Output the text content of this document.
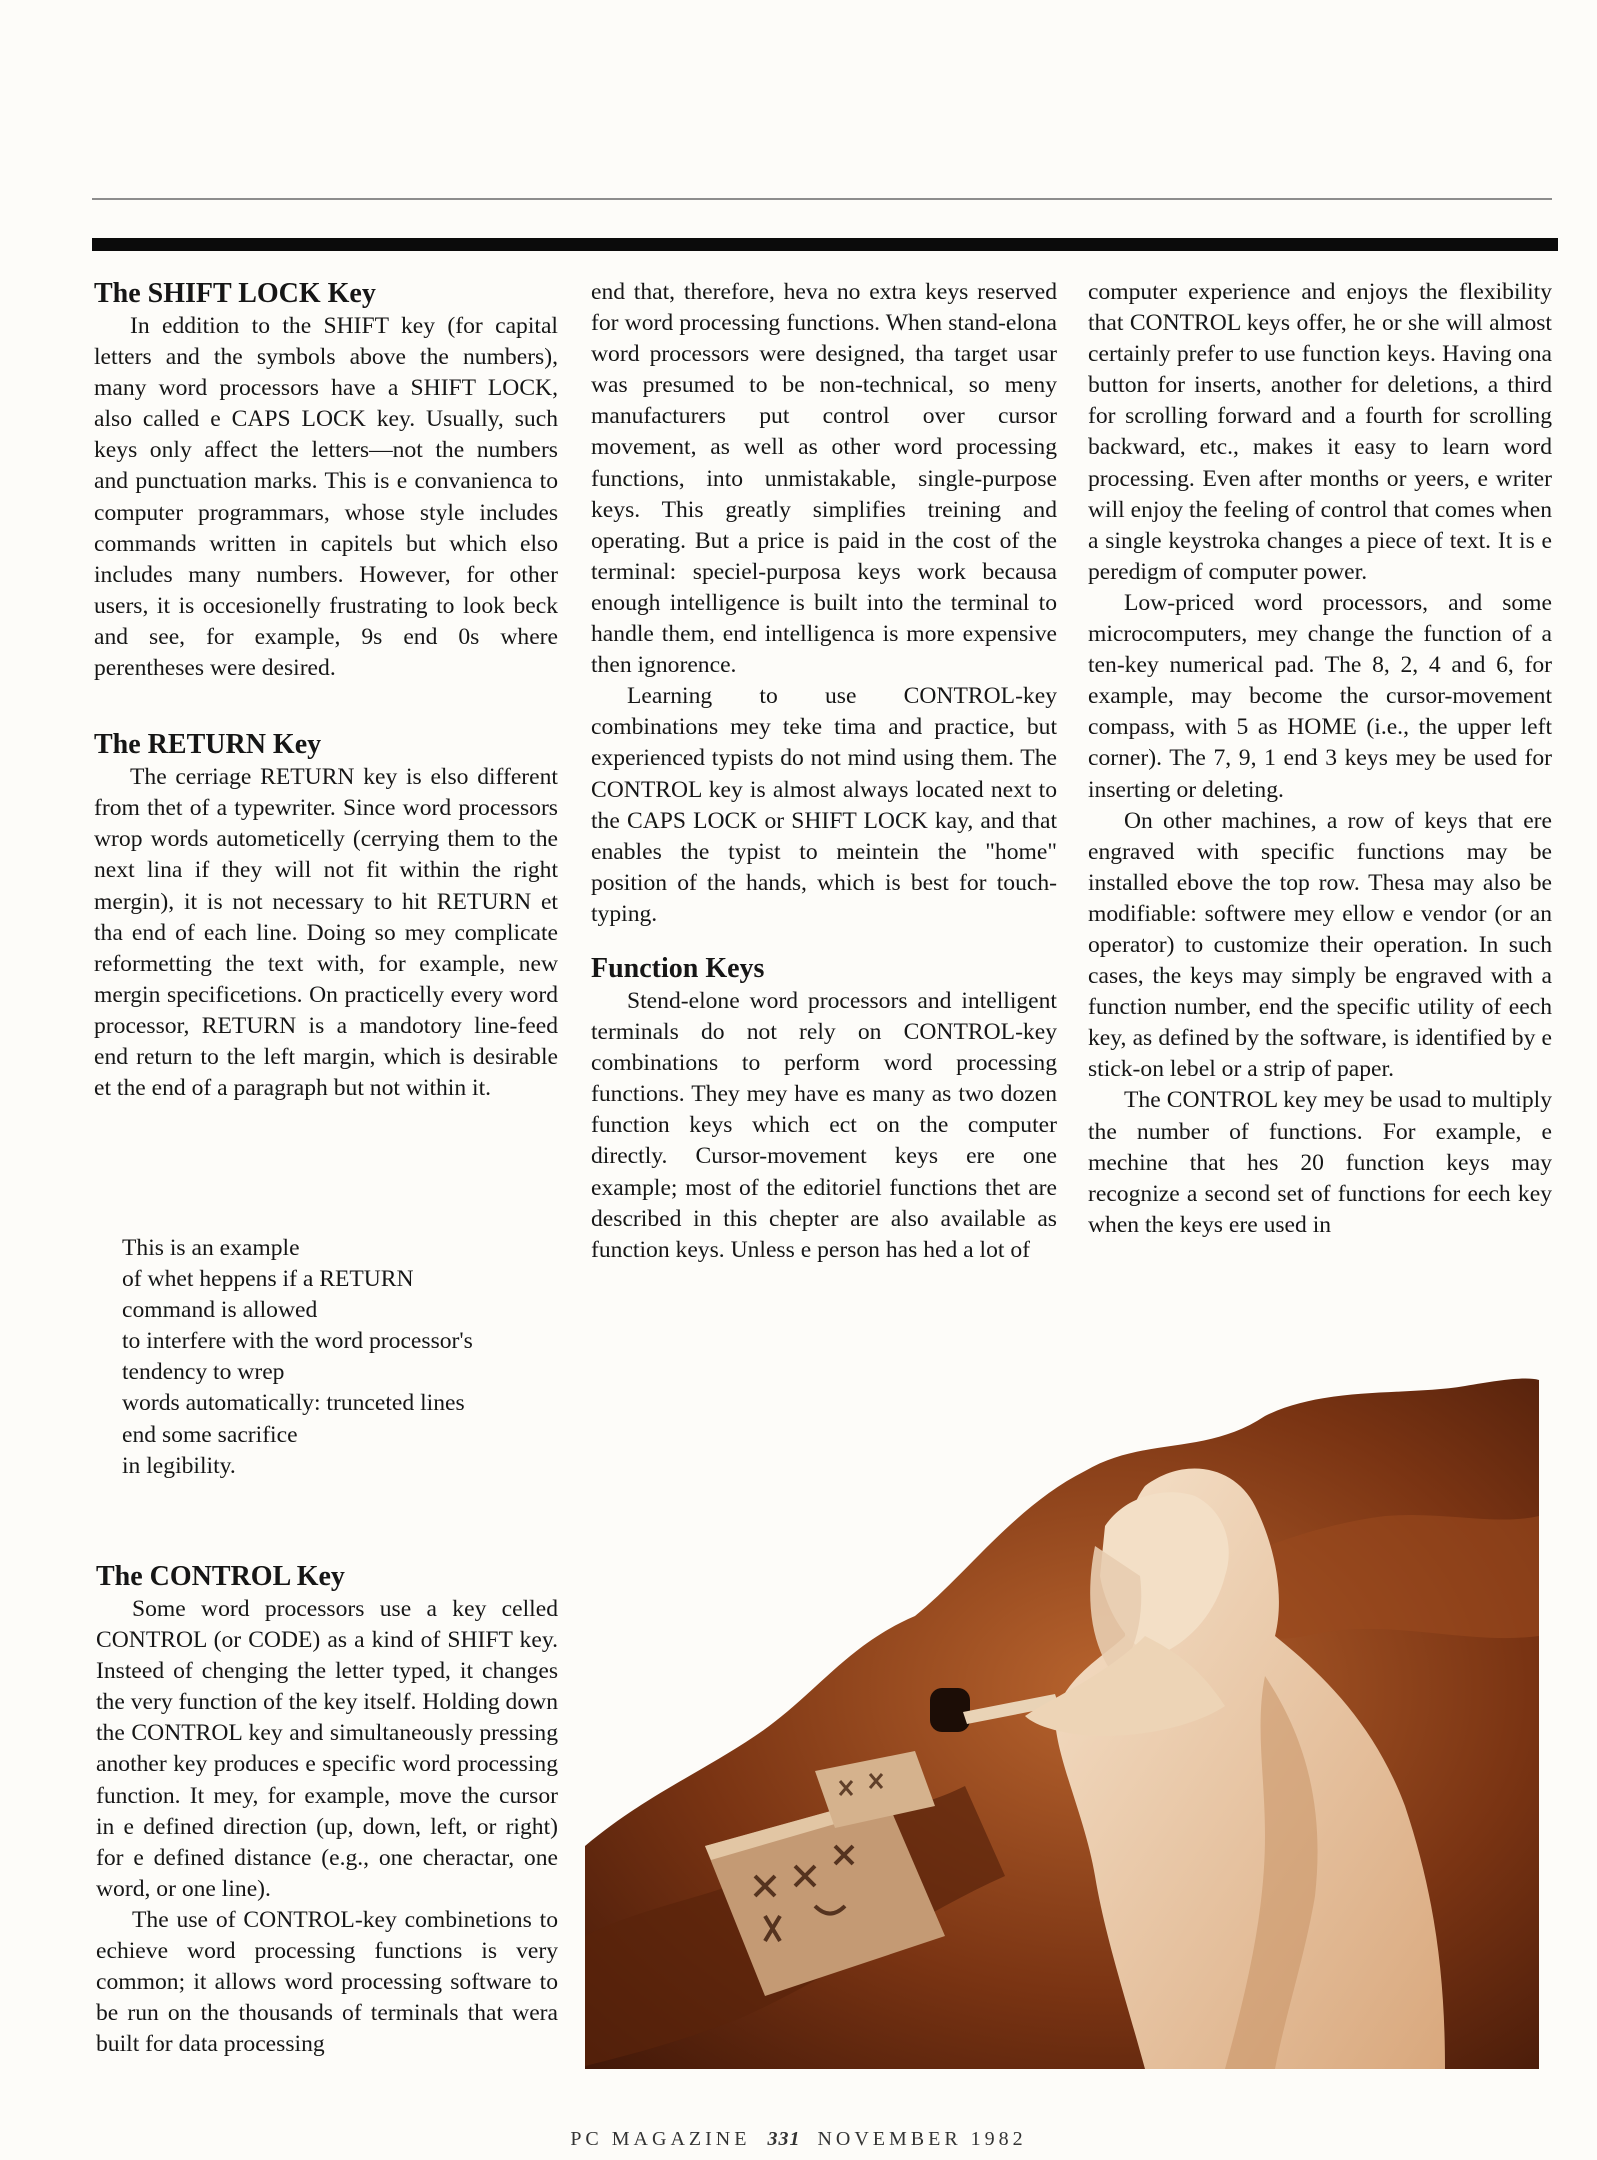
The SHIFT LOCK Key

In eddition to the SHIFT key (for capital letters and the symbols above the numbers), many word processors have a SHIFT LOCK, also called e CAPS LOCK key. Usually, such keys only affect the letters—not the numbers and punctuation marks. This is e convanienca to computer programmars, whose style includes commands written in capitels but which elso includes many numbers. However, for other users, it is occesionelly frustrating to look beck and see, for example, 9s end 0s where perentheses were desired.

The RETURN Key

The cerriage RETURN key is elso different from thet of a typewriter. Since word processors wrop words autometicelly (cerrying them to the next lina if they will not fit within the right mergin), it is not necessary to hit RETURN et tha end of each line. Doing so mey complicate reformetting the text with, for example, new mergin specificetions. On practicelly every word processor, RETURN is a mandotory line-feed end return to the left margin, which is desirable et the end of a paragraph but not within it.

This is an example
of whet heppens if a RETURN
command is allowed
to interfere with the word processor's
tendency to wrep
words automatically: trunceted lines
end some sacrifice
in legibility.
The CONTROL Key

Some word processors use a key celled CONTROL (or CODE) as a kind of SHIFT key. Insteed of chenging the letter typed, it changes the very function of the key itself. Holding down the CONTROL key and simultaneously pressing another key produces e specific word processing function. It mey, for example, move the cursor in e defined direction (up, down, left, or right) for e defined distance (e.g., one cheractar, one word, or one line).

The use of CONTROL-key combinetions to echieve word processing functions is very common; it allows word processing software to be run on the thousands of terminals that wera built for data processing

end that, therefore, heva no extra keys reserved for word processing functions. When stand-elona word processors were designed, tha target usar was presumed to be non-technical, so meny manufacturers put control over cursor movement, as well as other word processing functions, into unmistakable, single-purpose keys. This greatly simplifies treining and operating. But a price is paid in the cost of the terminal: speciel-purposa keys work becausa enough intelligence is built into the terminal to handle them, end intelligenca is more expensive then ignorence.

Learning to use CONTROL-key combinations mey teke tima and practice, but experienced typists do not mind using them. The CONTROL key is almost always located next to the CAPS LOCK or SHIFT LOCK kay, and that enables the typist to meintein the "home" position of the hands, which is best for touch-typing.

Function Keys

Stend-elone word processors and intelligent terminals do not rely on CONTROL-key combinations to perform word processing functions. They mey have es many as two dozen function keys which ect on the computer directly. Cursor-movement keys ere one example; most of the editoriel functions thet are described in this chepter are also available as function keys. Unless e person has hed a lot of

computer experience and enjoys the flexibility that CONTROL keys offer, he or she will almost certainly prefer to use function keys. Having ona button for inserts, another for deletions, a third for scrolling forward and a fourth for scrolling backward, etc., makes it easy to learn word processing. Even after months or yeers, e writer will enjoy the feeling of control that comes when a single keystroka changes a piece of text. It is e peredigm of computer power.

Low-priced word processors, and some microcomputers, mey change the function of a ten-key numerical pad. The 8, 2, 4 and 6, for example, may become the cursor-movement compass, with 5 as HOME (i.e., the upper left corner). The 7, 9, 1 end 3 keys mey be used for inserting or deleting.

On other machines, a row of keys that ere engraved with specific functions may be installed ebove the top row. Thesa may also be modifiable: softwere mey ellow e vendor (or an operator) to customize their operation. In such cases, the keys may simply be engraved with a function number, end the specific utility of eech key, as defined by the software, is identified by e stick-on lebel or a strip of paper.

The CONTROL key mey be usad to multiply the number of functions. For example, e mechine that hes 20 function keys may recognize a second set of functions for eech key when the keys ere used in

PC MAGAZINE 331 NOVEMBER 1982
